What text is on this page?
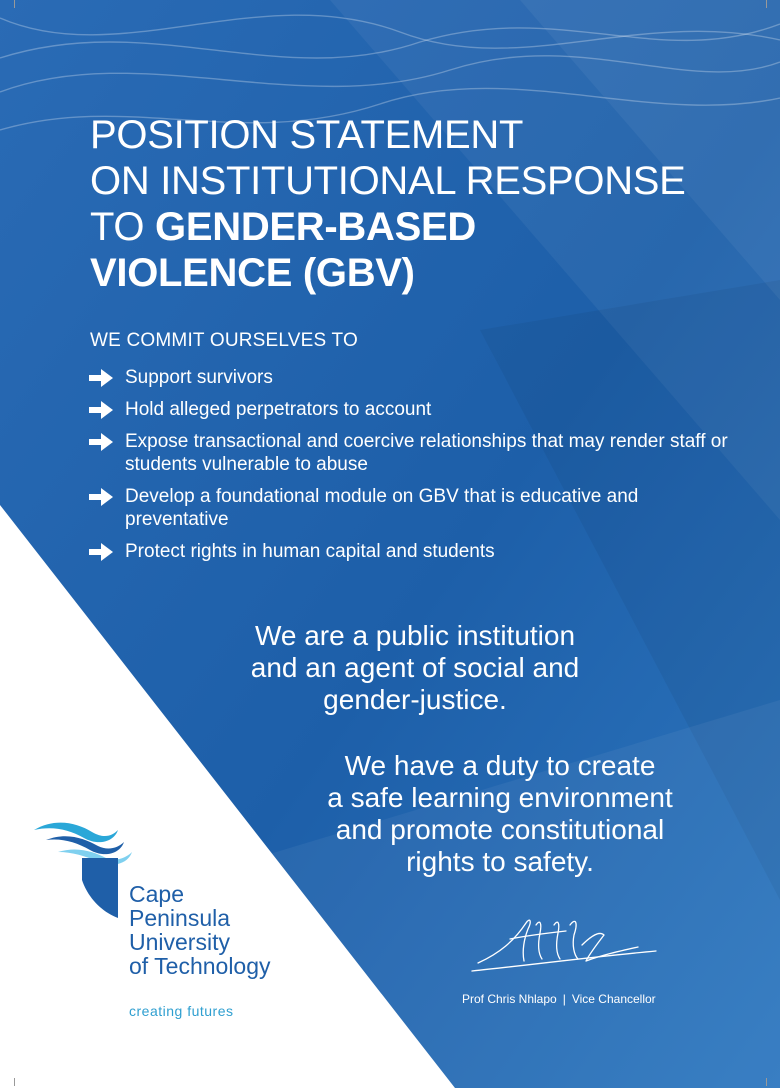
POSITION STATEMENT
ON INSTITUTIONAL RESPONSE
TO GENDER-BASED
VIOLENCE (GBV)
WE COMMIT OURSELVES TO
Support survivors
Hold alleged perpetrators to account
Expose transactional and coercive relationships that may render staff or students vulnerable to abuse
Develop a foundational module on GBV that is educative and preventative
Protect rights in human capital and students
We are a public institution
and an agent of social and
gender-justice.
We have a duty to create
a safe learning environment
and promote constitutional
rights to safety.
Prof Chris Nhlapo | Vice Chancellor
Cape
Peninsula
University
of Technology
creating futures
